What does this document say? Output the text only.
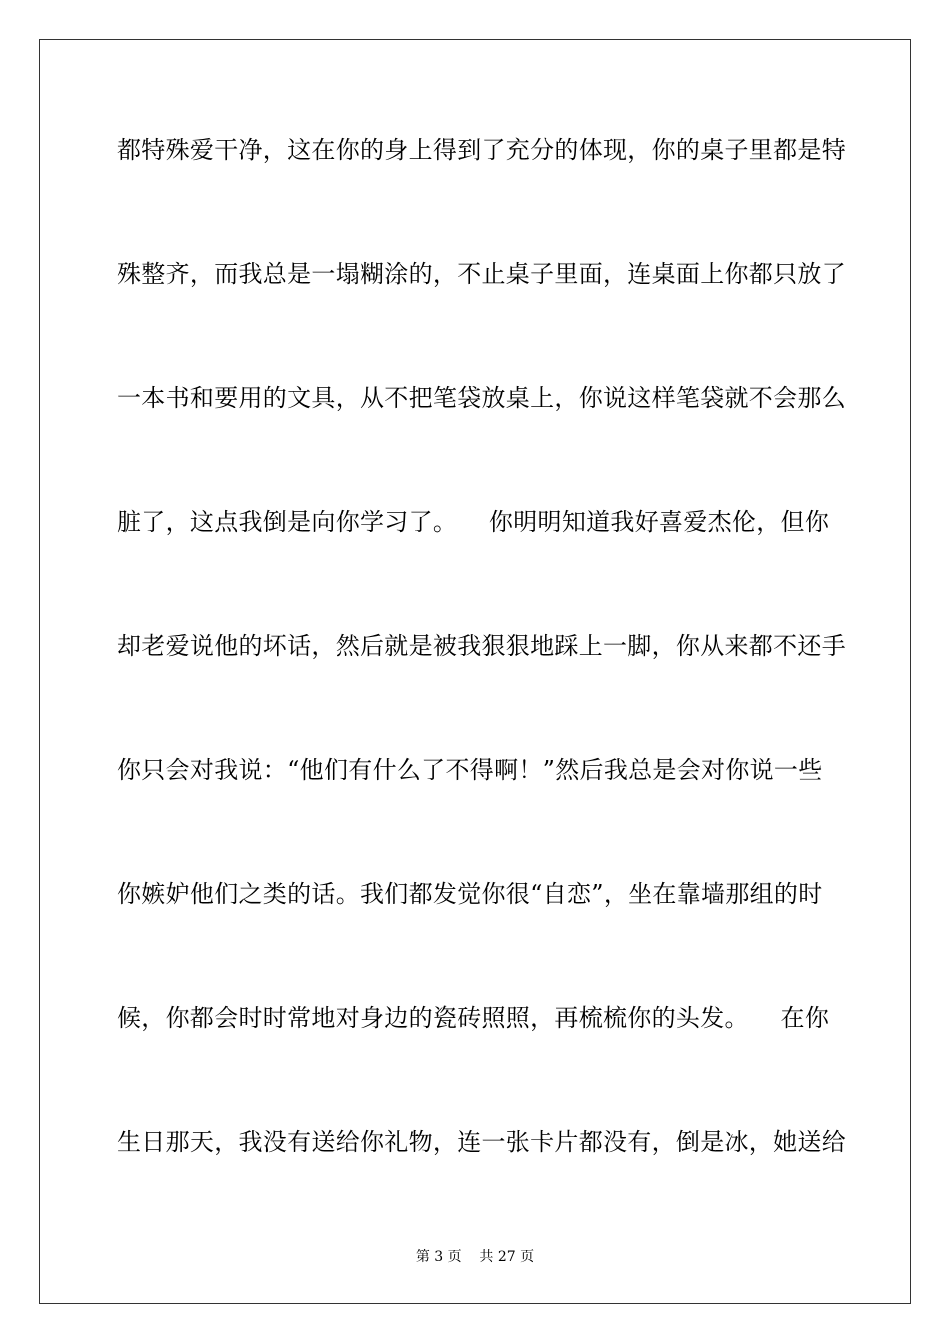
都特殊爱干净，这在你的身上得到了充分的体现，你的桌子里都是特
殊整齐，而我总是一塌糊涂的，不止桌子里面，连桌面上你都只放了
一本书和要用的文具，从不把笔袋放桌上，你说这样笔袋就不会那么
脏了，这点我倒是向你学习了。    你明明知道我好喜爱杰伦，但你
却老爱说他的坏话，然后就是被我狠狠地踩上一脚，你从来都不还手
你只会对我说：“他们有什么了不得啊！”然后我总是会对你说一些
你嫉妒他们之类的话。我们都发觉你很“自恋”，坐在靠墙那组的时
候，你都会时时常地对身边的瓷砖照照，再梳梳你的头发。    在你
生日那天，我没有送给你礼物，连一张卡片都没有，倒是冰，她送给
第 3 页    共 27 页
